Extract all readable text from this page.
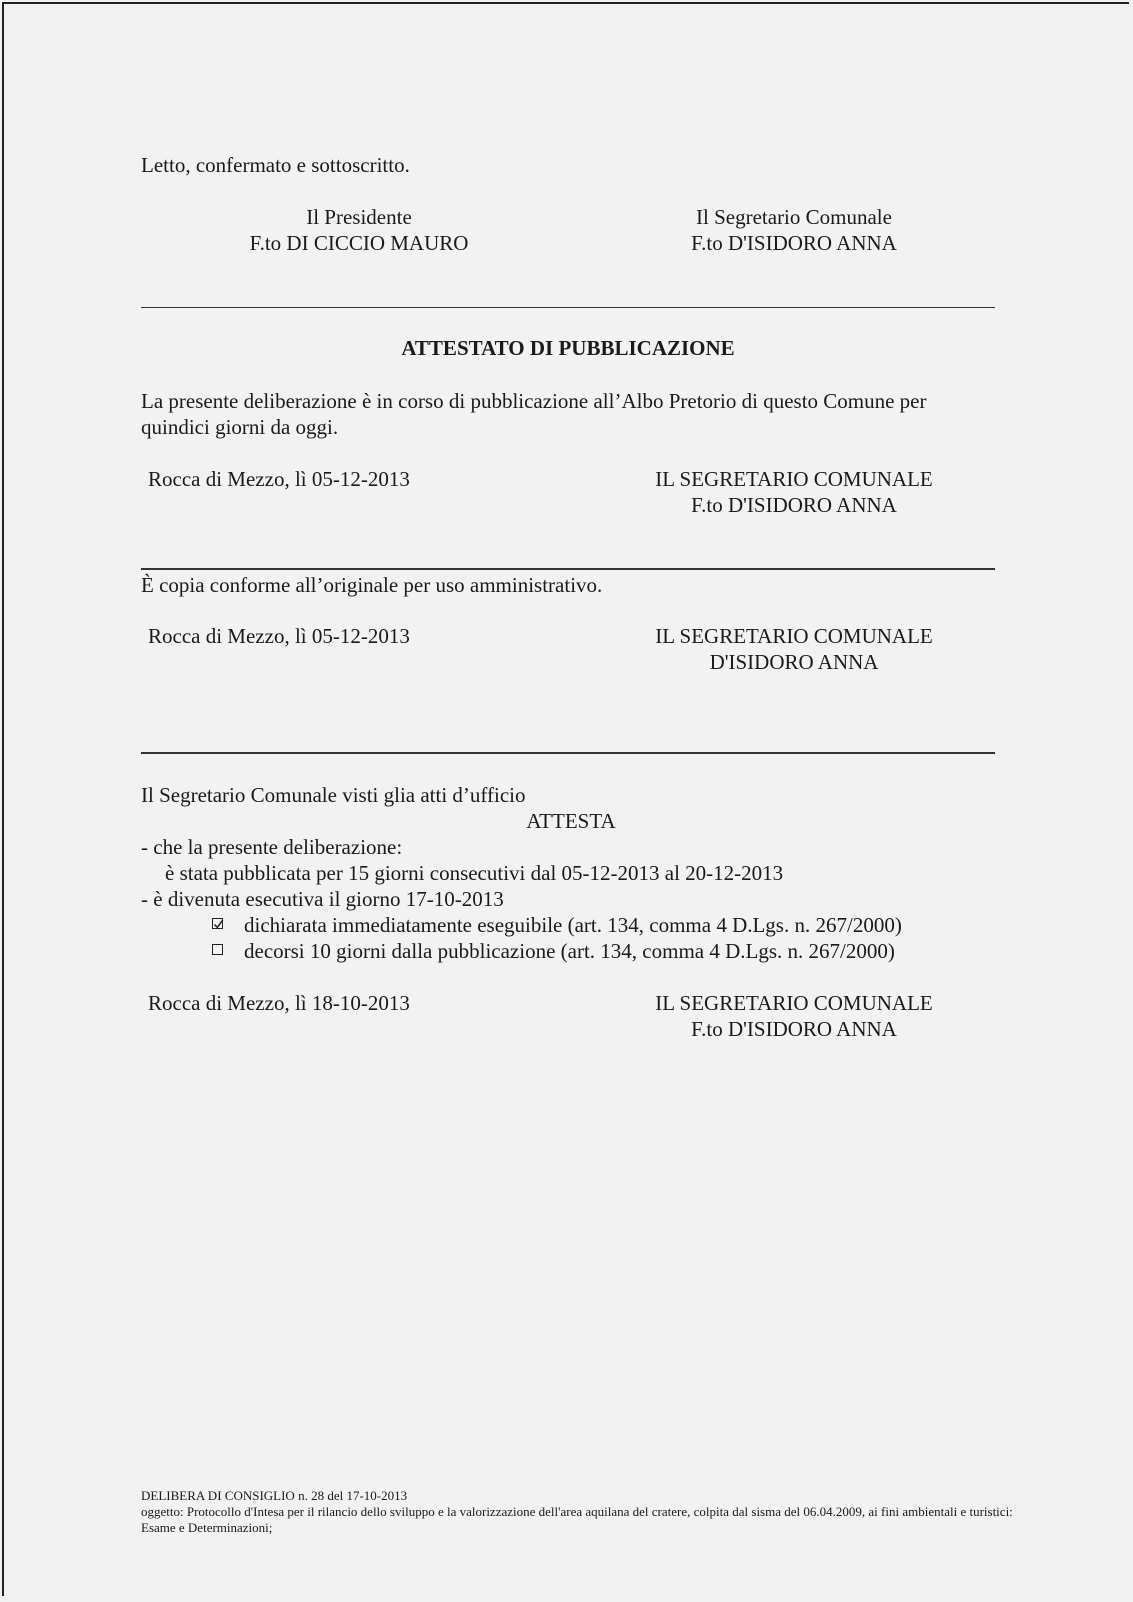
Letto, confermato e sottoscritto.
Il Presidente
F.to DI CICCIO MAURO
Il Segretario Comunale
F.to D'ISIDORO ANNA
ATTESTATO DI PUBBLICAZIONE
La presente deliberazione è in corso di pubblicazione all’Albo Pretorio di questo Comune per
quindici giorni da oggi.
Rocca di Mezzo, lì 05-12-2013	IL SEGRETARIO COMUNALE
F.to D'ISIDORO ANNA
È copia conforme all’originale per uso amministrativo.
Rocca di Mezzo, lì 05-12-2013	IL SEGRETARIO COMUNALE
D'ISIDORO ANNA
Il Segretario Comunale visti glia atti d’ufficio
ATTESTA
- che la presente deliberazione:
è stata pubblicata per 15 giorni consecutivi dal 05-12-2013 al 20-12-2013
- è divenuta esecutiva il giorno 17-10-2013
dichiarata immediatamente eseguibile (art. 134, comma 4 D.Lgs. n. 267/2000)
decorsi 10 giorni dalla pubblicazione (art. 134, comma 4 D.Lgs. n. 267/2000)
Rocca di Mezzo, lì 18-10-2013	IL SEGRETARIO COMUNALE
F.to D'ISIDORO ANNA
DELIBERA DI CONSIGLIO n. 28 del 17-10-2013
oggetto: Protocollo d'Intesa per il rilancio dello sviluppo e la valorizzazione dell'area aquilana del cratere, colpita dal sisma del 06.04.2009, ai fini ambientali e turistici: Esame e Determinazioni;
